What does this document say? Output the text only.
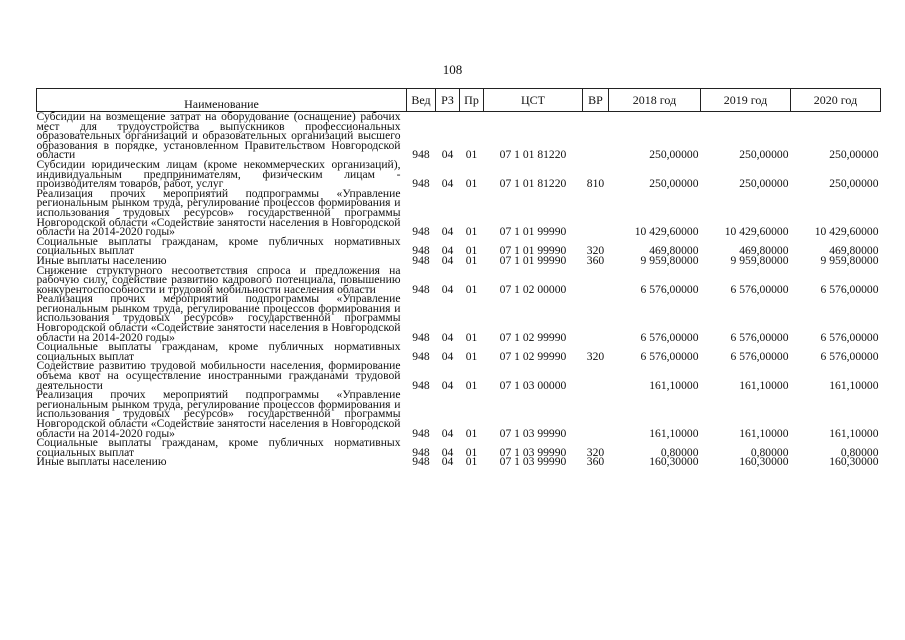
108
Наименование	Вед	РЗ	Пр	ЦСТ	ВР	2018 год	2019 год	2020 год
Субсидии на возмещение затрат на оборудование (оснащение) рабочих мест для трудоустройства выпускников профессиональных образовательных организаций и образовательных организаций высшего образования в порядке, установленном Правительством Новгородской области	948	04	01	07 1 01 81220		250,00000	250,00000	250,00000
Субсидии юридическим лицам (кроме некоммерческих организаций), индивидуальным предпринимателям, физическим лицам - производителям товаров, работ, услуг	948	04	01	07 1 01 81220	810	250,00000	250,00000	250,00000
Реализация прочих мероприятий подпрограммы «Управление региональным рынком труда, регулирование процессов формирования и использования трудовых ресурсов» государственной программы Новгородской области «Содействие занятости населения в Новгородской области на 2014-2020 годы»	948	04	01	07 1 01 99990		10 429,60000	10 429,60000	10 429,60000
Социальные выплаты гражданам, кроме публичных нормативных социальных выплат	948	04	01	07 1 01 99990	320	469,80000	469,80000	469,80000
Иные выплаты населению	948	04	01	07 1 01 99990	360	9 959,80000	9 959,80000	9 959,80000
Снижение структурного несоответствия спроса и предложения на рабочую силу, содействие развитию кадрового потенциала, повышению конкурентоспособности и трудовой мобильности населения области	948	04	01	07 1 02 00000		6 576,00000	6 576,00000	6 576,00000
Реализация прочих мероприятий подпрограммы «Управление региональным рынком труда, регулирование процессов формирования и использования трудовых ресурсов» государственной программы Новгородской области «Содействие занятости населения в Новгородской области на 2014-2020 годы»	948	04	01	07 1 02 99990		6 576,00000	6 576,00000	6 576,00000
Социальные выплаты гражданам, кроме публичных нормативных социальных выплат	948	04	01	07 1 02 99990	320	6 576,00000	6 576,00000	6 576,00000
Содействие развитию трудовой мобильности населения, формирование объема квот на осуществление иностранными гражданами трудовой деятельности	948	04	01	07 1 03 00000		161,10000	161,10000	161,10000
Реализация прочих мероприятий подпрограммы «Управление региональным рынком труда, регулирование процессов формирования и использования трудовых ресурсов» государственной программы Новгородской области «Содействие занятости населения в Новгородской области на 2014-2020 годы»	948	04	01	07 1 03 99990		161,10000	161,10000	161,10000
Социальные выплаты гражданам, кроме публичных нормативных социальных выплат	948	04	01	07 1 03 99990	320	0,80000	0,80000	0,80000
Иные выплаты населению	948	04	01	07 1 03 99990	360	160,30000	160,30000	160,30000
